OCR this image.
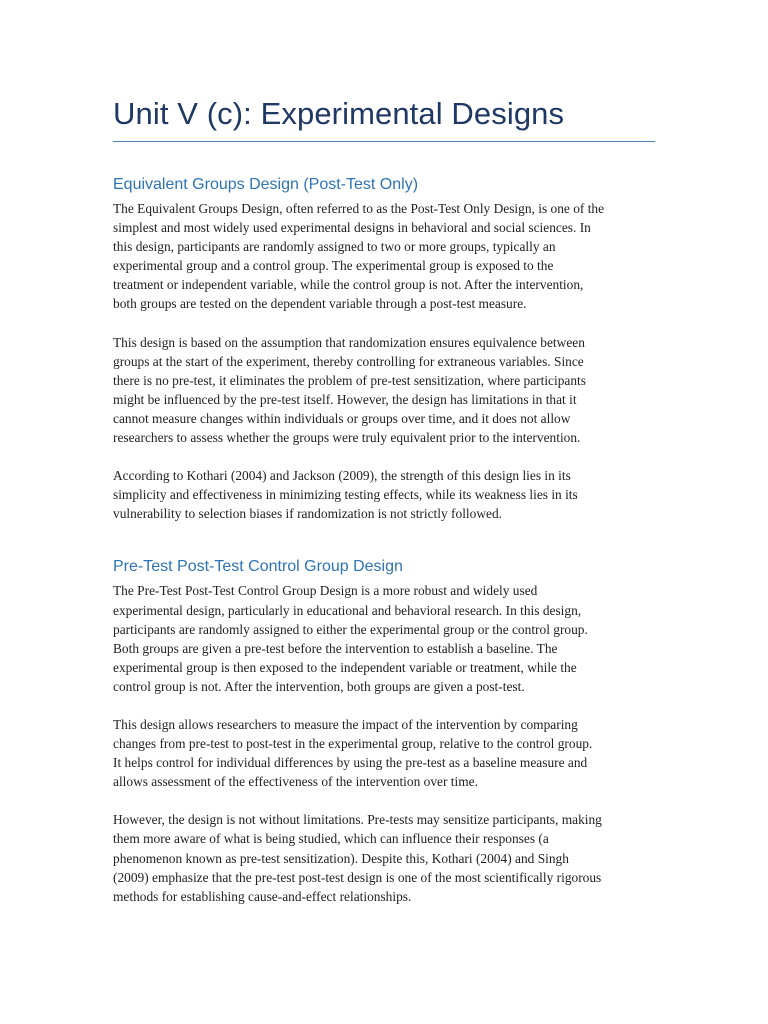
Unit V (c): Experimental Designs
Equivalent Groups Design (Post-Test Only)

The Equivalent Groups Design, often referred to as the Post-Test Only Design, is one of the
simplest and most widely used experimental designs in behavioral and social sciences. In
this design, participants are randomly assigned to two or more groups, typically an
experimental group and a control group. The experimental group is exposed to the
treatment or independent variable, while the control group is not. After the intervention,
both groups are tested on the dependent variable through a post-test measure.

This design is based on the assumption that randomization ensures equivalence between
groups at the start of the experiment, thereby controlling for extraneous variables. Since
there is no pre-test, it eliminates the problem of pre-test sensitization, where participants
might be influenced by the pre-test itself. However, the design has limitations in that it
cannot measure changes within individuals or groups over time, and it does not allow
researchers to assess whether the groups were truly equivalent prior to the intervention.

According to Kothari (2004) and Jackson (2009), the strength of this design lies in its
simplicity and effectiveness in minimizing testing effects, while its weakness lies in its
vulnerability to selection biases if randomization is not strictly followed.

Pre-Test Post-Test Control Group Design

The Pre-Test Post-Test Control Group Design is a more robust and widely used
experimental design, particularly in educational and behavioral research. In this design,
participants are randomly assigned to either the experimental group or the control group.
Both groups are given a pre-test before the intervention to establish a baseline. The
experimental group is then exposed to the independent variable or treatment, while the
control group is not. After the intervention, both groups are given a post-test.

This design allows researchers to measure the impact of the intervention by comparing
changes from pre-test to post-test in the experimental group, relative to the control group.
It helps control for individual differences by using the pre-test as a baseline measure and
allows assessment of the effectiveness of the intervention over time.

However, the design is not without limitations. Pre-tests may sensitize participants, making
them more aware of what is being studied, which can influence their responses (a
phenomenon known as pre-test sensitization). Despite this, Kothari (2004) and Singh
(2009) emphasize that the pre-test post-test design is one of the most scientifically rigorous
methods for establishing cause-and-effect relationships.
